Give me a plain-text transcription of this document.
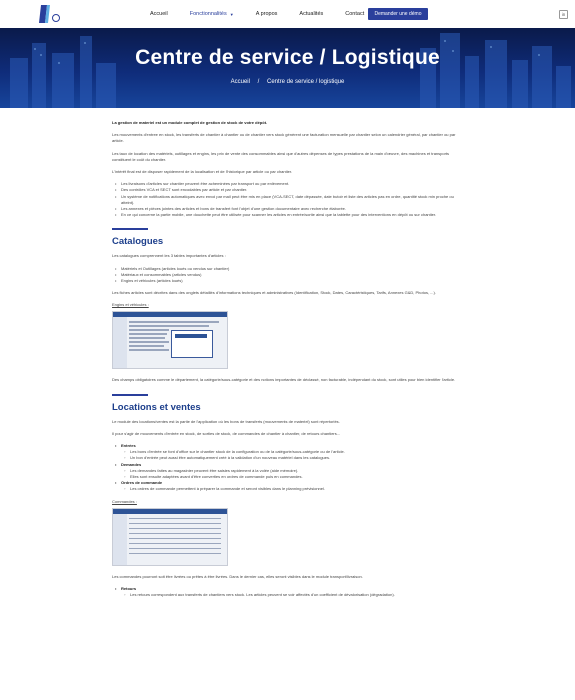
Accueil	Fonctionnalités ▼	A propos	Actualités	Contact	Demander une démo	in
Centre de service / Logistique
Accueil / Centre de service / logistique

La gestion de materiel est un module complet de gestion de stock de votre dépôt.

Les mouvements d'entree en stock, les transferts de chantier à chantier ou de chantier vers stock génèrent une facturation mensuelle par chantier selon un calendrier général, par chantier ou par article.

Les taux de location des matériels, outillages et engins, les prix de vente des consommables ainsi que d'autres dépenses de types prestations de la main d'œuvre, des machines et transports constituent le coût du chantier.

L'intérêt final est de disposer rapidement de la localisation et de l'historique par article ou par chantier.

• Les livraisons d'articles sur chantier peuvent être acheminées par transport ou par enlèvement.
• Des contrôles VCA et SECT sont encodables par article et par chantier.
• Un système de notifications automatiques avec envoi par mail peut être mis en place (VCA-SECT, date dépassée, date butoir et liste des articles pas en ordre, quantité stock min proche ou atteint).
• Les annexes et pièces jointes des articles et bons de transfert font l'objet d'une gestion documentaire avec recherche élaborée.
• En ce qui concerne la partie mobile, une douchette peut être utilisée pour scanner les articles en entrée/sortie ainsi que la tablette pour des interventions en dépôt ou sur chantier.
Catalogues

Les catalogues comprennent les 3 tables importantes d'articles :

• Matériels et Outillages (articles loués ou vendus sur chantier)
• Matériaux et consommables (articles vendus)
• Engins et véhicules (articles loués)

Les fiches articles sont décrites dans des onglets détaillés d'informations techniques et administratives (Identification, Stock, Dates, Caractéristiques, Tarifs, Annexes G&D, Photos, ...).

Engins et véhicules :

Des champs obligatoires comme le département, la catégorie/sous-catégorie et des notions importantes de déclassé, non facturable, indépendant du stock, sont utiles pour bien identifier l'article.

Locations et ventes

Le module des locations/ventes est la partie de l'application où les bons de transferts (mouvements de materiel) sont répertoriés.

Il pour s'agir de mouvements d'entrée en stock, de sorties de stock, de commandes de chantier à chantier, de retours chantiers...

• Entrées
◦ Les bons d'entrée se font d'office sur le chantier stock de la configuration ou de la catégorie/sous-catégorie ou de l'article.
◦ Un bon d'entrée peut aussi être automatiquement créé à la validation d'un nouveau matériel dans les catalogues.
• Demandes
◦ Les demandes faites au magasinier peuvent être saisies rapidement à la volée (aide mémoire).
◦ Elles sont ensuite adaptées avant d'être converties en ordres de commande puis en commandes.
• Ordres de commande
◦ Les ordres de commande permettent à préparer la commande et seront visibles dans le planning prévisionnel.
Commandes :

Les commandes pourront soit être livrées ou prêtes à être livrées. Dans le dernier cas, elles seront visibles dans le module transport/livraison.

• Retours
◦ Les retours correspondent aux transferts de chantiers vers stock. Les articles peuvent se voir affectés d'un coefficient de dévalorisation (dégradation).
